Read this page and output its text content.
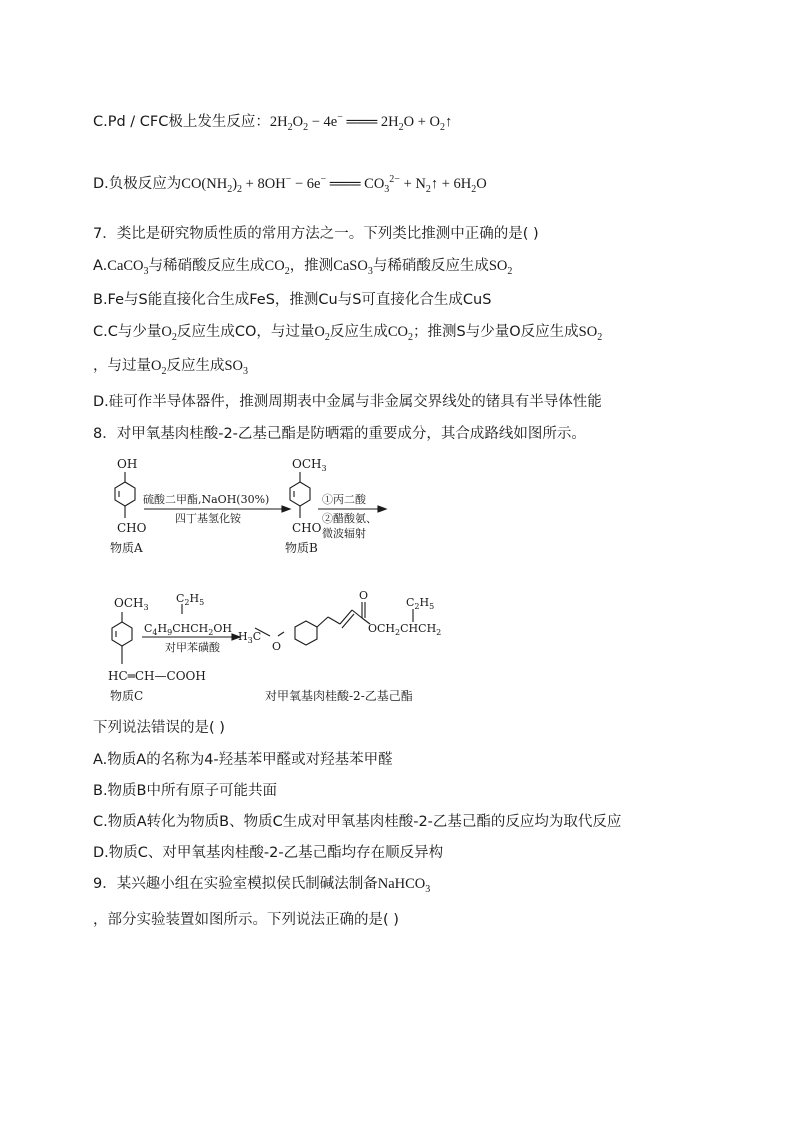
C.Pd / CFC极上发生反应：$2H_2O_2 - 4e^-$ ═══ $2H_2O$ + $O_2↑$
D.负极反应为$CO(NH_2)_2 + 8OH^- - 6e^-$ ═══ $CO_3^{2-}$ + $N_2↑ + 6H_2O$
7．类比是研究物质性质的常用方法之一。下列类比推测中正确的是( )
A.CaCO$_3$与稀硝酸反应生成$CO_2$，推测CaSO$_3$与稀硝酸反应生成$SO_2$
B.Fe与S能直接化合生成FeS，推测Cu与S可直接化合生成CuS
C.C与少量$O_2$反应生成CO，与过量$O_2$反应生成$CO_2$；推测S与少量O反应生成$SO_2$
，与过量$O_2$反应生成$SO_3$
D.硅可作半导体器件，推测周期表中金属与非金属交界线处的锗具有半导体性能
8．对甲氧基肉桂酸-2-乙基己酯是防晒霜的重要成分，其合成路线如图所示。
OH
CHO
物质A
硫酸二甲酯,NaOH(30%)
四丁基氢化铵
$OCH_3$
CHO
物质B
①丙二酸
②醋酸氨、
微波辐射
$OCH_3$
$C_2H_5$
$C_4H_9CHCH_2OH$
对甲苯磺酸
HC═CH—COOH
物质C
$H_3C$
O
O
$OCH_2CHCH_2$
$C_2H_5$
对甲氧基肉桂酸-2-乙基己酯
下列说法错误的是( )
A.物质A的名称为4-羟基苯甲醛或对羟基苯甲醛
B.物质B中所有原子可能共面
C.物质A转化为物质B、物质C生成对甲氧基肉桂酸-2-乙基己酯的反应均为取代反应
D.物质C、对甲氧基肉桂酸-2-乙基己酯均存在顺反异构
9．某兴趣小组在实验室模拟侯氏制碱法制备NaHCO$_3$
，部分实验装置如图所示。下列说法正确的是( )
